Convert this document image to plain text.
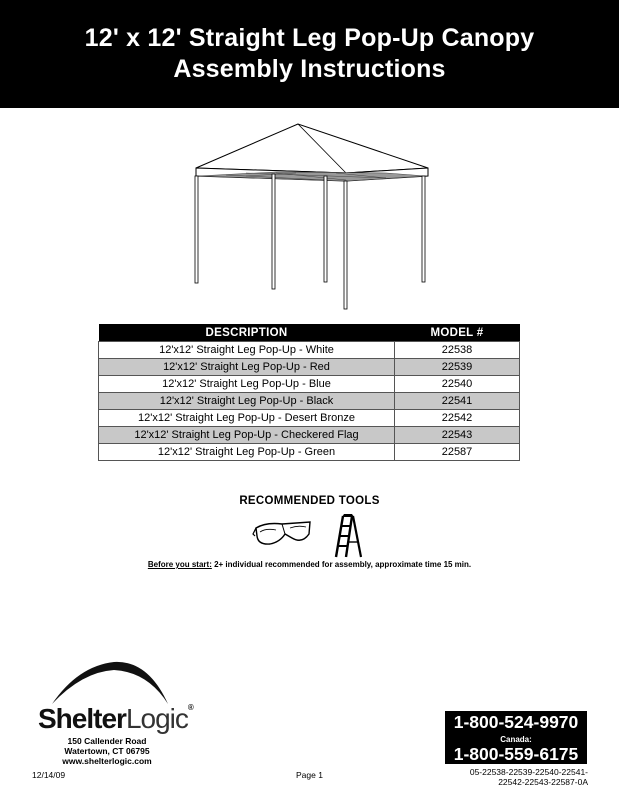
12' x 12' Straight Leg Pop-Up Canopy
Assembly Instructions
DESCRIPTION	MODEL #
12'x12' Straight Leg Pop-Up - White	22538
12'x12' Straight Leg Pop-Up - Red	22539
12'x12' Straight Leg Pop-Up - Blue	22540
12'x12' Straight Leg Pop-Up - Black	22541
12'x12' Straight Leg Pop-Up - Desert Bronze	22542
12'x12' Straight Leg Pop-Up - Checkered Flag	22543
12'x12' Straight Leg Pop-Up - Green	22587
RECOMMENDED TOOLS
Before you start: 2+ individual recommended for assembly, approximate time 15 min.
ShelterLogic®
150 Callender Road
Watertown, CT 06795
www.shelterlogic.com
1-800-524-9970
Canada:
1-800-559-6175
12/14/09	Page 1	05-22538-22539-22540-22541-
22542-22543-22587-0A
